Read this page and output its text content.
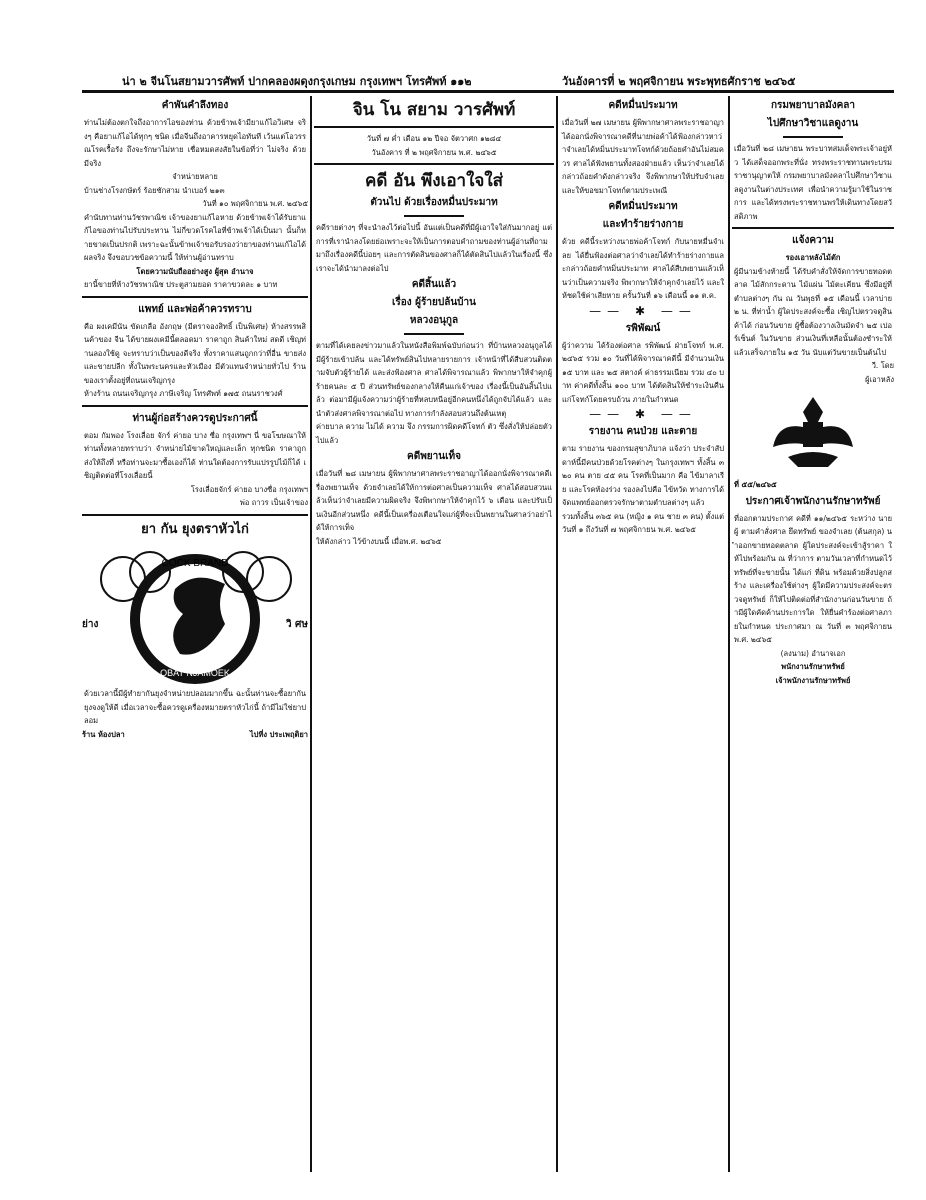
น่า ๒ จีนโนสยามวารศัพท์ ปากคลองผดุงกรุงเกษม กรุงเทพฯ โทรศัพท์ ๑๑๒	วันอังคารที่ ๒ พฤศจิกายน พระพุทธศักราช ๒๔๖๕
คำพันคำลึงทอง
ท่านไม่ต้องตกใจถึงอาการไอของท่าน ด้วยข้าพเจ้ามียาแก้ไอวิเศษ จริงๆ คือยาแก้ไอได้ทุกๆ ชนิด เมื่อจีนถึงอาคารหยุดไอทันที เว้นแต่โอวรรณโรคเรื้อรัง ถึงจะรักษาไม่หาย เชื่อหมดสงสัยในข้อที่ว่า ไม่จริง ด้วย มีจริง
จำหน่ายหลาย
บ้านช่างโรงกษัตร์ ร้อยชักสาม นำเบอร์ ๒๑๓
วันที่ ๑๐ พฤศจิกายน พ.ศ. ๒๔๖๕
คำนับทานท่านวัชรพาณิช เจ้าของยาแก้ไอหาย ด้วยข้าพเจ้าได้รับยาแก้ไอของท่านไปรับประทาน ไม่กี่ขวดโรคไอที่ข้าพเจ้าได้เป็นมา นั้นก็หายขาดเป็นปรกติ เพราะฉะนั้นข้าพเจ้าขอรับรองว่ายาของท่านแก้ไอได้ผลจริง จึงขอบวชข้อความนี้ ให้ท่านผู้อ่านทราบ
โดยความนับถืออย่างสูง ผู้สุด อำนาจ
ยานี้ขายที่ห้างวัชรพาณิช ประตูสามยอด ราคาขวดละ ๑ บาท
แพทย์ และพ่อค้าควรทราบ
คือ ผงเคมีนัน ขัดเกลือ อังกฤษ (มีตราจองสิทธิ์ เป็นพิเศษ) ห้างสรรพสินค้าของ จีน ได้ขายผงเคมีนี้ตลอดมา ราคาถูก สินค้าใหม่ สดดี เชิญท่านลองใช้ดู จะทราบว่าเป็นของดีจริง ทั้งราคาแสนถูกกว่าที่อื่น ขายส่งและขายปลีก ทั้งในพระนครและหัวเมือง มีตัวแทนจำหน่ายทั่วไป ร้านของเราตั้งอยู่ที่ถนนเจริญกรุง
ห้างร้าน ถนนเจริญกรุง ภาษีเจริญ โทรศัพท์ ๑๗๕ ถนนราชวงศ์
ท่านผู้ก่อสร้างควรดูประกาศนี้
ตอม กัมพอง โรงเลื่อย จักร์ ค่ายอ บาง ซื่อ กรุงเทพฯ นี่ ขอโฆษณาให้ท่านทั้งหลายทราบว่า จำหน่ายไม้ขาดใหญ่และเล็ก ทุกชนิด ราคาถูก ส่งให้ถึงที่ หรือท่านจะมาซื้อเองก็ได้ ท่านใดต้องการรับแปรรูปไม้ก็ได้ เชิญติดต่อที่โรงเลื่อยนี้
โรงเลื่อยจักร์ ค่ายอ บางซื่อ กรุงเทพฯ
พ่อ ถาวร เป็นเจ้าของ
ยา กัน ยุงตราหัวไก่
COCK BRAND
OBAT NJAMOEK
ย่าง	วิ ศษ
ด้วยเวลานี้มีผู้ทำยากันยุงจำหน่ายปลอมมากขึ้น ฉะนั้นท่านจะซื้อยากันยุงจงดูให้ดี เมื่อเวลาจะซื้อควรดูเครื่องหมายตราหัวไก่นี้ ถ้ามีไม่ใช่ยาปลอม
ร้าน ห้องปลา	ไปที่ง ประเพฤติยา
จิน โน สยาม วารศัพท์
วันที่ ๗ ค่ำ เดือน ๑๒ ปีจอ จัตวาศก ๑๒๘๔
วันอังคาร ที่ ๒ พฤศจิกายน พ.ศ. ๒๔๖๕
คดี อัน พึงเอาใจใส่
ตัวนไป ด้วยเรื่องหมื่นประมาท
คดีรายต่างๆ ที่จะนำลงไว้ต่อไปนี้ อันแต่เป็นคดีที่มีผู้เอาใจใส่กันมากอยู่ แต่การที่เรานำลงโดยย่อเพราะจะให้เป็นการตอบคำถามของท่านผู้อ่านที่ถามมาถึงเรื่องคดีนี้บ่อยๆ และการตัดสินของศาลก็ได้ตัดสินไปแล้วในเรื่องนี้ ซึ่งเราจะได้นำมาลงต่อไป
คดีสิ้นแล้ว
เรื่อง ผู้ร้ายปล้นบ้าน
หลวงอนุกูล
ตามที่ได้เคยลงข่าวมาแล้วในหนังสือพิมพ์ฉบับก่อนว่า ที่บ้านหลวงอนุกูลได้มีผู้ร้ายเข้าปล้น และได้ทรัพย์สินไปหลายรายการ เจ้าหน้าที่ได้สืบสวนติดตามจับตัวผู้ร้ายได้ และส่งฟ้องศาล ศาลได้พิจารณาแล้ว พิพากษาให้จำคุกผู้ร้ายคนละ ๕ ปี ส่วนทรัพย์ของกลางให้คืนแก่เจ้าของ เรื่องนี้เป็นอันสิ้นไปแล้ว ต่อมามีผู้แจ้งความว่าผู้ร้ายที่หลบหนีอยู่อีกคนหนึ่งได้ถูกจับได้แล้ว และนำตัวส่งศาลพิจารณาต่อไป ทางการกำลังสอบสวนถึงต้นเหตุ
ค่ายบาล ความ ไม่ได้ ความ จึง กรรมการผิดคดีโจทก์ ตัว ซึ่งสั่งให้ปล่อยตัวไปแล้ว
คดีพยานเท็จ
เมื่อวันที่ ๒๘ เมษายน ผู้พิพากษาศาลพระราชอาญาได้ออกนั่งพิจารณาคดีเรื่องพยานเท็จ ด้วยจำเลยได้ให้การต่อศาลเป็นความเท็จ ศาลได้สอบสวนแล้วเห็นว่าจำเลยมีความผิดจริง จึงพิพากษาให้จำคุกไว้ ๖ เดือน และปรับเป็นเงินอีกส่วนหนึ่ง คดีนี้เป็นเครื่องเตือนใจแก่ผู้ที่จะเป็นพยานในศาลว่าอย่าได้ให้การเท็จ
ให้ดังกล่าว ไว้ข้างบนนี้ เมื่อพ.ศ. ๒๔๖๕
คดีหมื่นประมาท
เมื่อวันที่ ๒๗ เมษายน ผู้พิพากษาศาลพระราชอาญาได้ออกนั่งพิจารณาคดีที่นายพ่อค้าได้ฟ้องกล่าวหาว่าจำเลยได้หมิ่นประมาทโจทก์ด้วยถ้อยคำอันไม่สมควร ศาลได้ฟังพยานทั้งสองฝ่ายแล้ว เห็นว่าจำเลยได้กล่าวถ้อยคำดังกล่าวจริง จึงพิพากษาให้ปรับจำเลย และให้ขอขมาโจทก์ตามประเพณี
คดีหมิ่นประมาท
และทำร้ายร่างกาย
ด้วย คดีนี้ระหว่างนายพ่อค้าโจทก์ กับนายหมื่นจำเลย ได้ยื่นฟ้องต่อศาลว่าจำเลยได้ทำร้ายร่างกายและกล่าวถ้อยคำหมิ่นประมาท ศาลได้สืบพยานแล้วเห็นว่าเป็นความจริง พิพากษาให้จำคุกจำเลยไว้ และให้ชดใช้ค่าเสียหาย ครั้นวันที่ ๑๖ เดือนนี้ ๑๑ ต.ค.
—— ✱ ——
รพิพัฒน์
ผู้ว่าความ ได้ร้องต่อศาล รพิพัฒน์ ฝ่ายโจทก์ พ.ศ. ๒๔๖๕ รวม ๑๐ วันที่ได้พิจารณาคดีนี้ มีจำนวนเงิน ๑๕ บาท และ ๒๕ สตางค์ ค่าธรรมเนียม รวม ๔๐ บาท ค่าคดีทั้งสิ้น ๑๐๐ บาท ได้ตัดสินให้ชำระเงินคืนแก่โจทก์โดยครบถ้วน ภายในกำหนด
—— ✱ ——
รายงาน คนป่วย และตาย
ตาม รายงาน ของกรมสุขาภิบาล แจ้งว่า ประจำสัปดาห์นี้มีคนป่วยด้วยโรคต่างๆ ในกรุงเทพฯ ทั้งสิ้น ๓๒๐ คน ตาย ๔๕ คน โรคที่เป็นมาก คือ ไข้มาลาเรีย และโรคท้องร่วง รองลงไปคือ ไข้หวัด ทางการได้จัดแพทย์ออกตรวจรักษาตามตำบลต่างๆ แล้ว
รวมทั้งสิ้น ๓๖๕ คน (หญิง ๑ คน ชาย ๓ คน) ตั้งแต่วันที่ ๑ ถึงวันที่ ๗ พฤศจิกายน พ.ศ. ๒๔๖๕
กรมพยาบาลมังคลา
ไปศึกษาวิชาแลดูงาน
เมื่อวันที่ ๒๘ เมษายน พระบาทสมเด็จพระเจ้าอยู่หัว ได้เสด็จออกพระที่นั่ง ทรงพระราชทานพระบรมราชานุญาตให้ กรมพยาบาลมังคลาไปศึกษาวิชาแลดูงานในต่างประเทศ เพื่อนำความรู้มาใช้ในราชการ และได้ทรงพระราชทานพรให้เดินทางโดยสวัสดิภาพ
แจ้งความ
รองเอาหลังไม้ตัก
ผู้มีนามข้างท้ายนี้ ได้รับคำสั่งให้จัดการขายทอดตลาด ไม้สักกระดาน ไม้แผ่น ไม้ตะเคียน ซึ่งมีอยู่ที่ตำบลต่างๆ กัน ณ วันพุธที่ ๑๕ เดือนนี้ เวลาบ่าย ๒ น. ที่ท่าน้ำ ผู้ใดประสงค์จะซื้อ เชิญไปตรวจดูสินค้าได้ ก่อนวันขาย ผู้ซื้อต้องวางเงินมัดจำ ๒๕ เปอร์เซ็นต์ ในวันขาย ส่วนเงินที่เหลือนั้นต้องชำระให้แล้วเสร็จภายใน ๑๕ วัน นับแต่วันขายเป็นต้นไป
วี. โดย
ผู้เอาหลัง
ที่ ๕๕/๒๔๖๕
ประกาศเจ้าพนักงานรักษาทรัพย์
ที่ออกตามประกาศ คดีที่ ๑๑/๒๔๖๕ ระหว่าง นาย ผู้ ตามคำสั่งศาล ยึดทรัพย์ ของจำเลย (ต้นสกุล) นำออกขายทอดตลาด ผู้ใดประสงค์จะเข้าสู้ราคา ให้ไปพร้อมกัน ณ ที่ว่าการ ตามวันเวลาที่กำหนดไว้ ทรัพย์ที่จะขายนั้น ได้แก่ ที่ดิน พร้อมด้วยสิ่งปลูกสร้าง และเครื่องใช้ต่างๆ ผู้ใดมีความประสงค์จะตรวจดูทรัพย์ ก็ให้ไปติดต่อที่สำนักงานก่อนวันขาย ถ้ามีผู้ใดคัดค้านประการใด ให้ยื่นคำร้องต่อศาลภายในกำหนด ประกาศมา ณ วันที่ ๓ พฤศจิกายน พ.ศ. ๒๔๖๕
(ลงนาม) อำนาจเอก
พนักงานรักษาทรัพย์
เจ้าพนักงานรักษาทรัพย์
